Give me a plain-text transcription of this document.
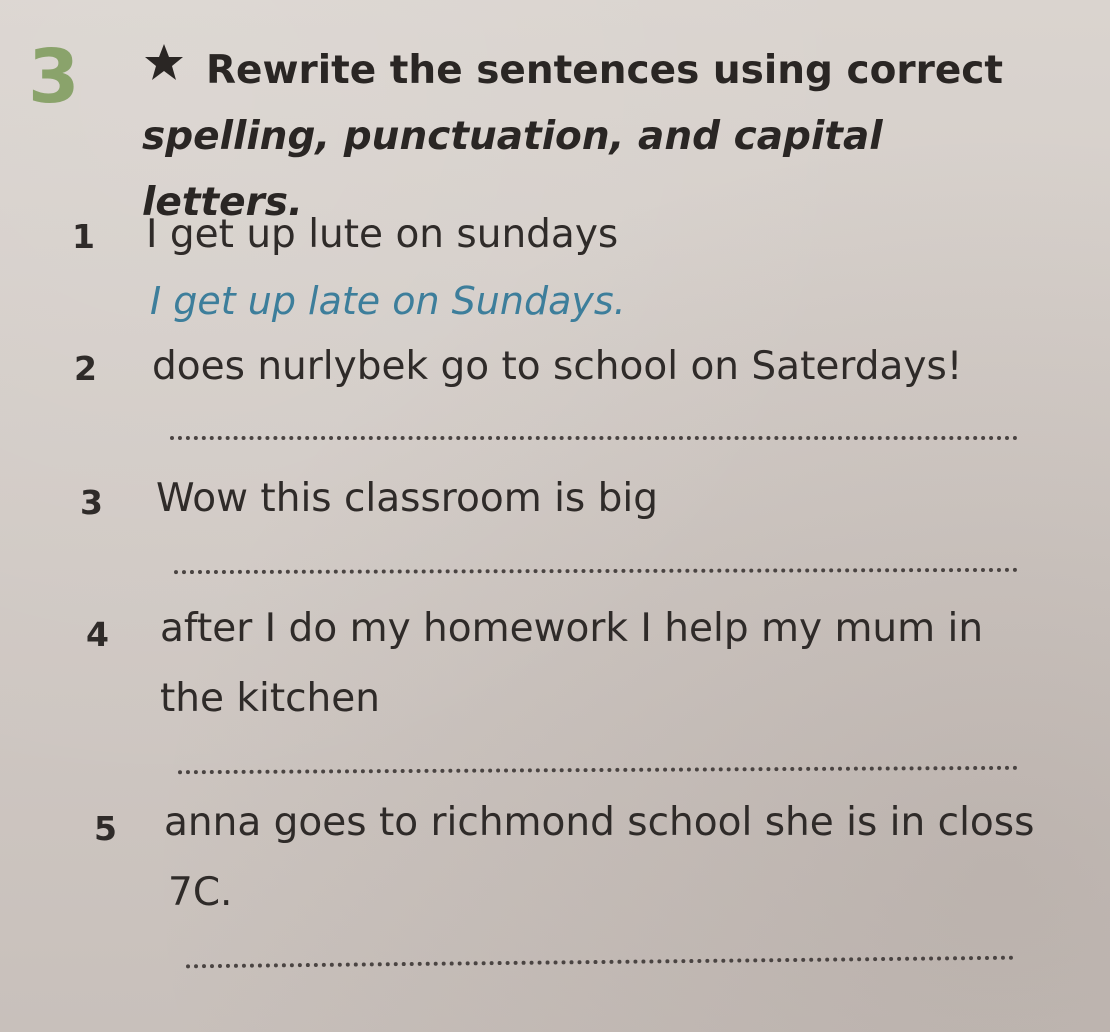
3	Rewrite the sentences using correct
spelling, punctuation, and capital letters.
1 I get up lute on sundays
I get up late on Sundays.
2 does nurlybek go to school on Saterdays!
3 Wow this classroom is big
4 after I do my homework I help my mum in
the kitchen
5 anna goes to richmond school she is in closs
7C.
